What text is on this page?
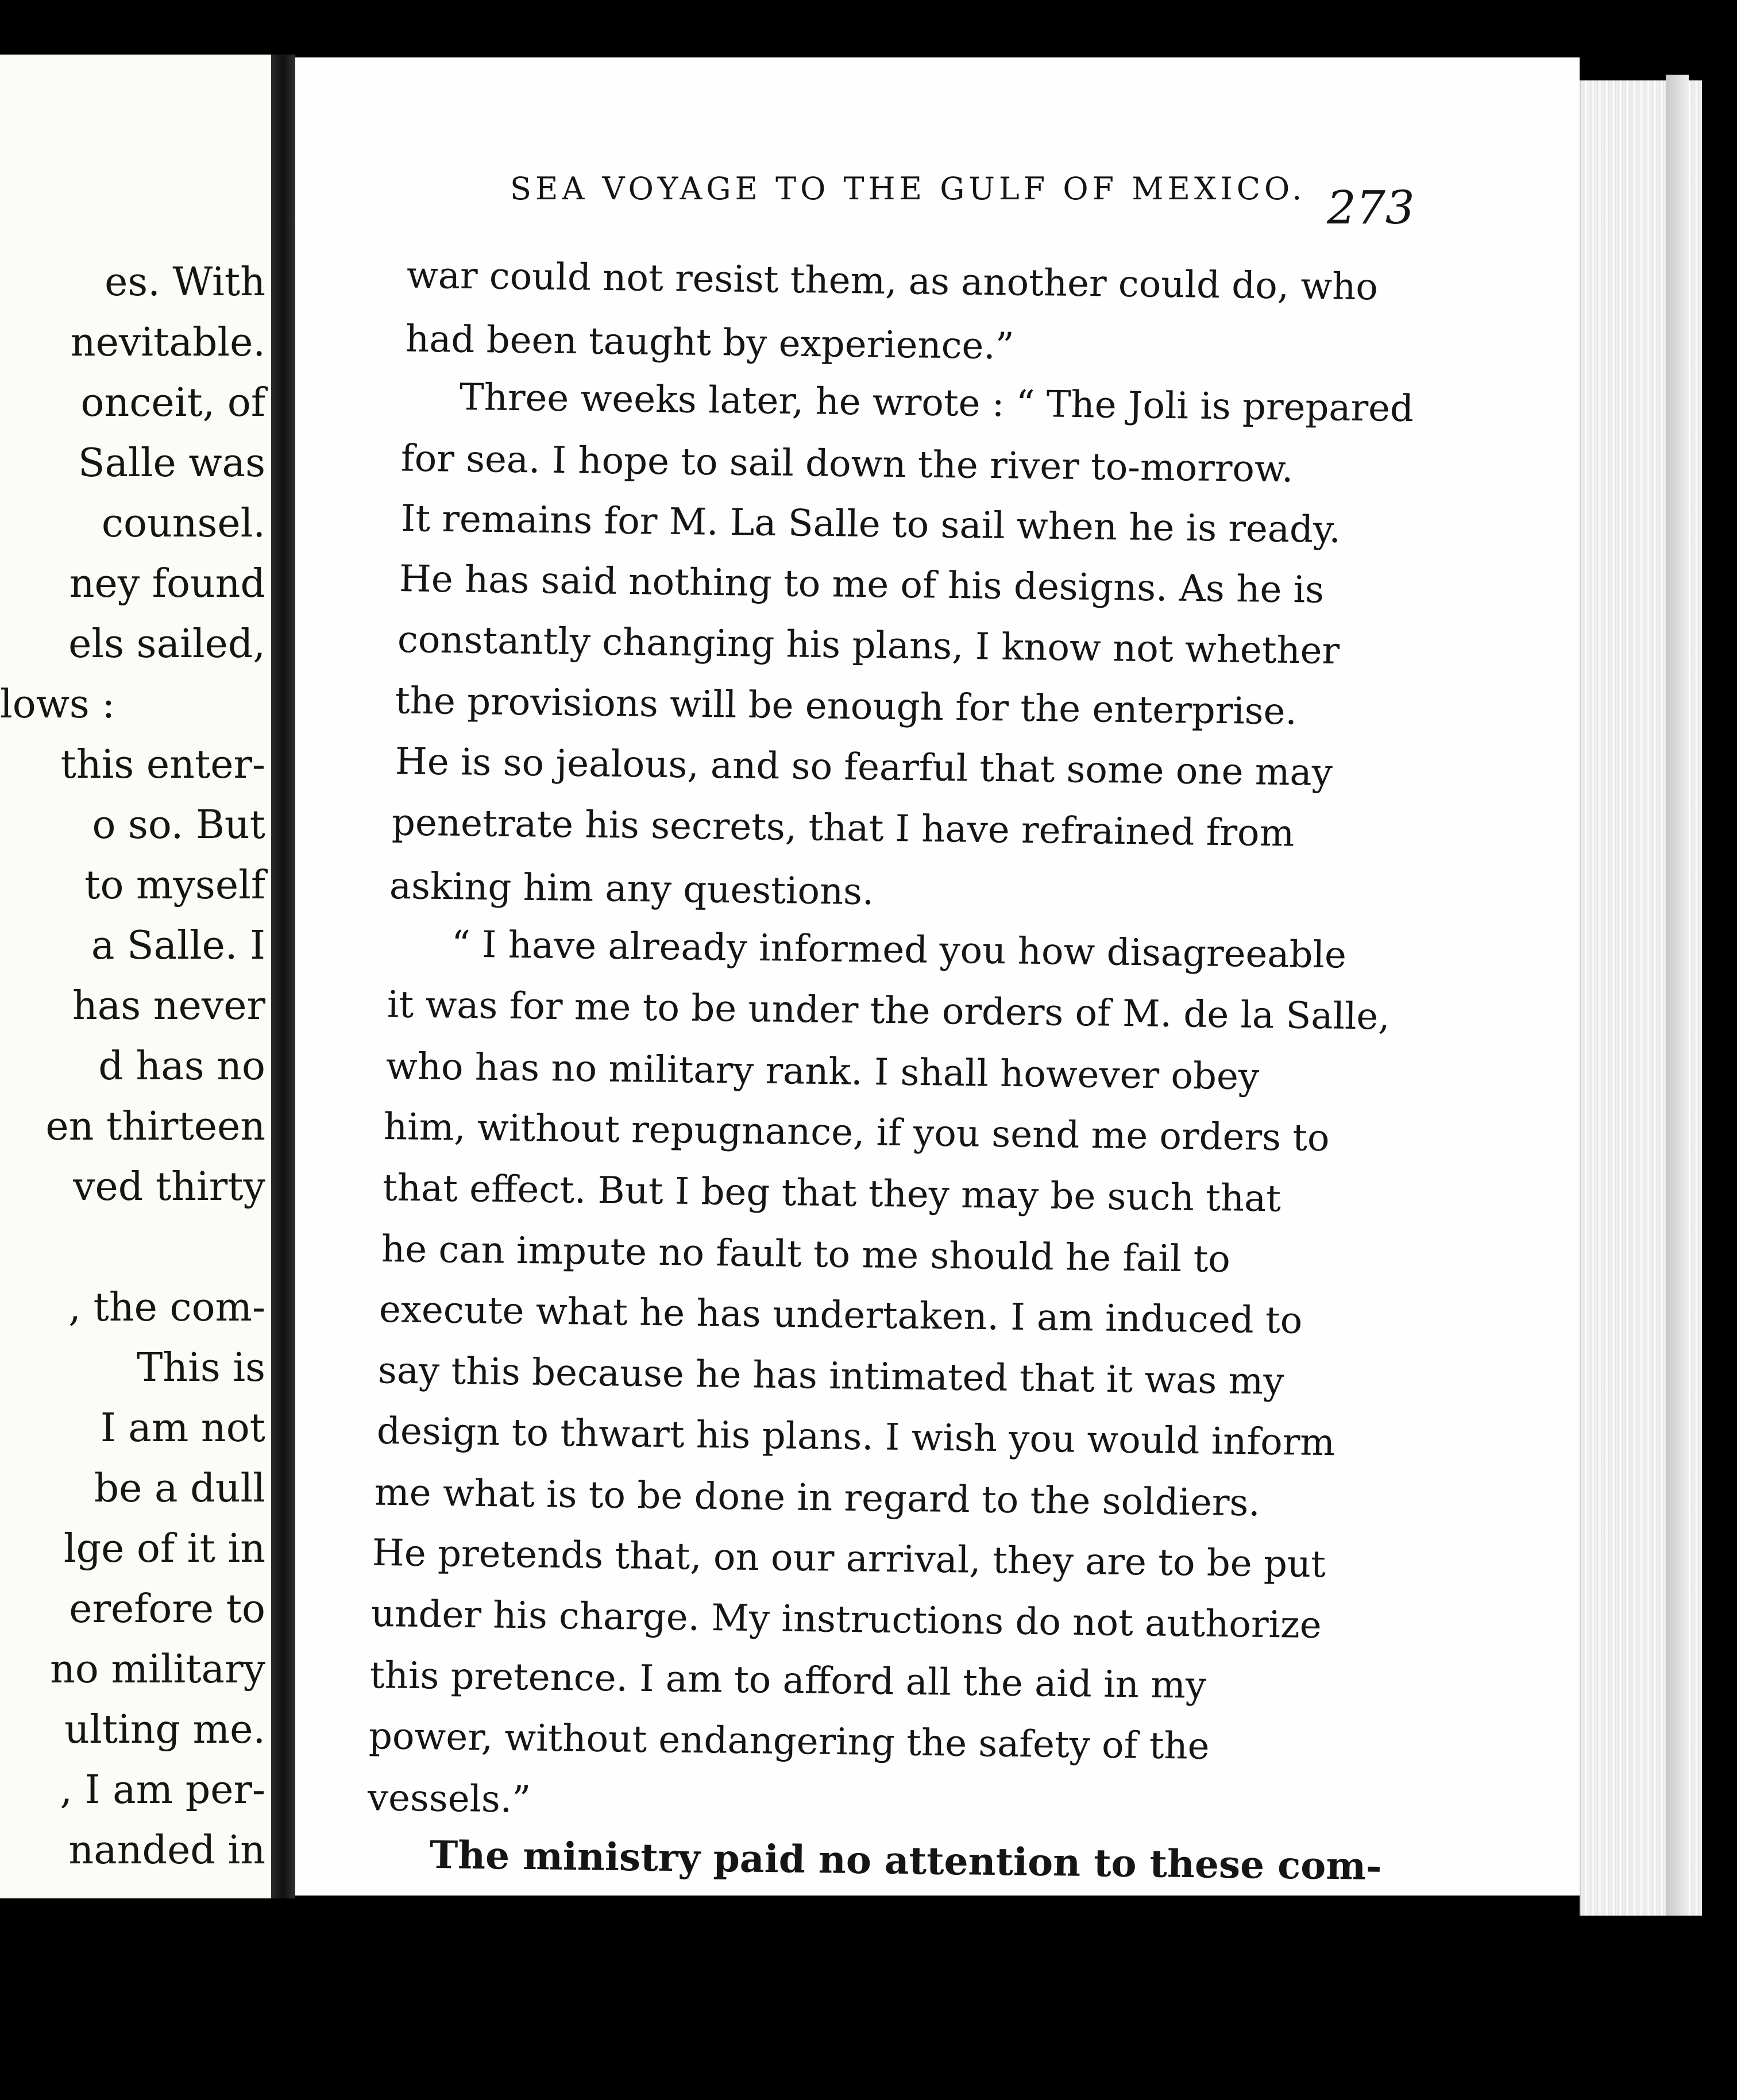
es. With
nevitable.
onceit, of
Salle was
counsel.
ney found
els sailed,
lows :
this enter-
o so. But
to myself
a Salle. I
has never
d has no
en thirteen
ved thirty
, the com-
This is
I am not
be a dull
lge of it in
erefore to
no military
ulting me.
, I am per-
nanded in
SEA VOYAGE TO THE GULF OF MEXICO. 273
war could not resist them, as another could do, who
had been taught by experience.”
Three weeks later, he wrote : “ The Joli is prepared
for sea. I hope to sail down the river to-morrow.
It remains for M. La Salle to sail when he is ready.
He has said nothing to me of his designs. As he is
constantly changing his plans, I know not whether
the provisions will be enough for the enterprise.
He is so jealous, and so fearful that some one may
penetrate his secrets, that I have refrained from
asking him any questions.
“ I have already informed you how disagreeable
it was for me to be under the orders of M. de la Salle,
who has no military rank. I shall however obey
him, without repugnance, if you send me orders to
that effect. But I beg that they may be such that
he can impute no fault to me should he fail to
execute what he has undertaken. I am induced to
say this because he has intimated that it was my
design to thwart his plans. I wish you would inform
me what is to be done in regard to the soldiers.
He pretends that, on our arrival, they are to be put
under his charge. My instructions do not authorize
this pretence. I am to afford all the aid in my
power, without endangering the safety of the
vessels.”
The ministry paid no attention to these com-
